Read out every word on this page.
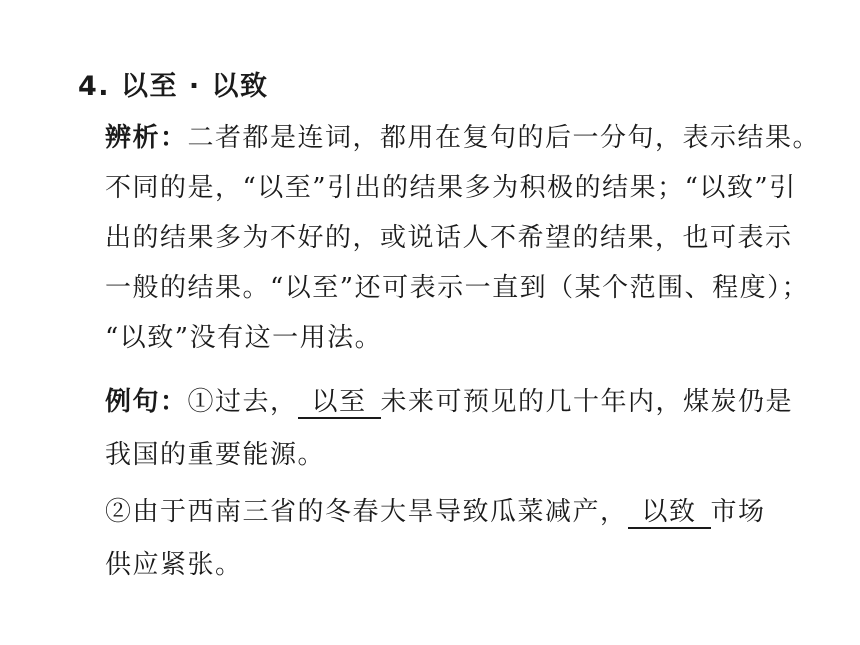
4. 以至 · 以致
辨析：二者都是连词，都用在复句的后一分句，表示结果。
不同的是，“以至”引出的结果多为积极的结果；“以致”引
出的结果多为不好的，或说话人不希望的结果，也可表示
一般的结果。“以至”还可表示一直到（某个范围、程度）；
“以致”没有这一用法。
例句：①过去， 以至 未来可预见的几十年内，煤炭仍是
我国的重要能源。
②由于西南三省的冬春大旱导致瓜菜减产， 以致 市场
供应紧张。
